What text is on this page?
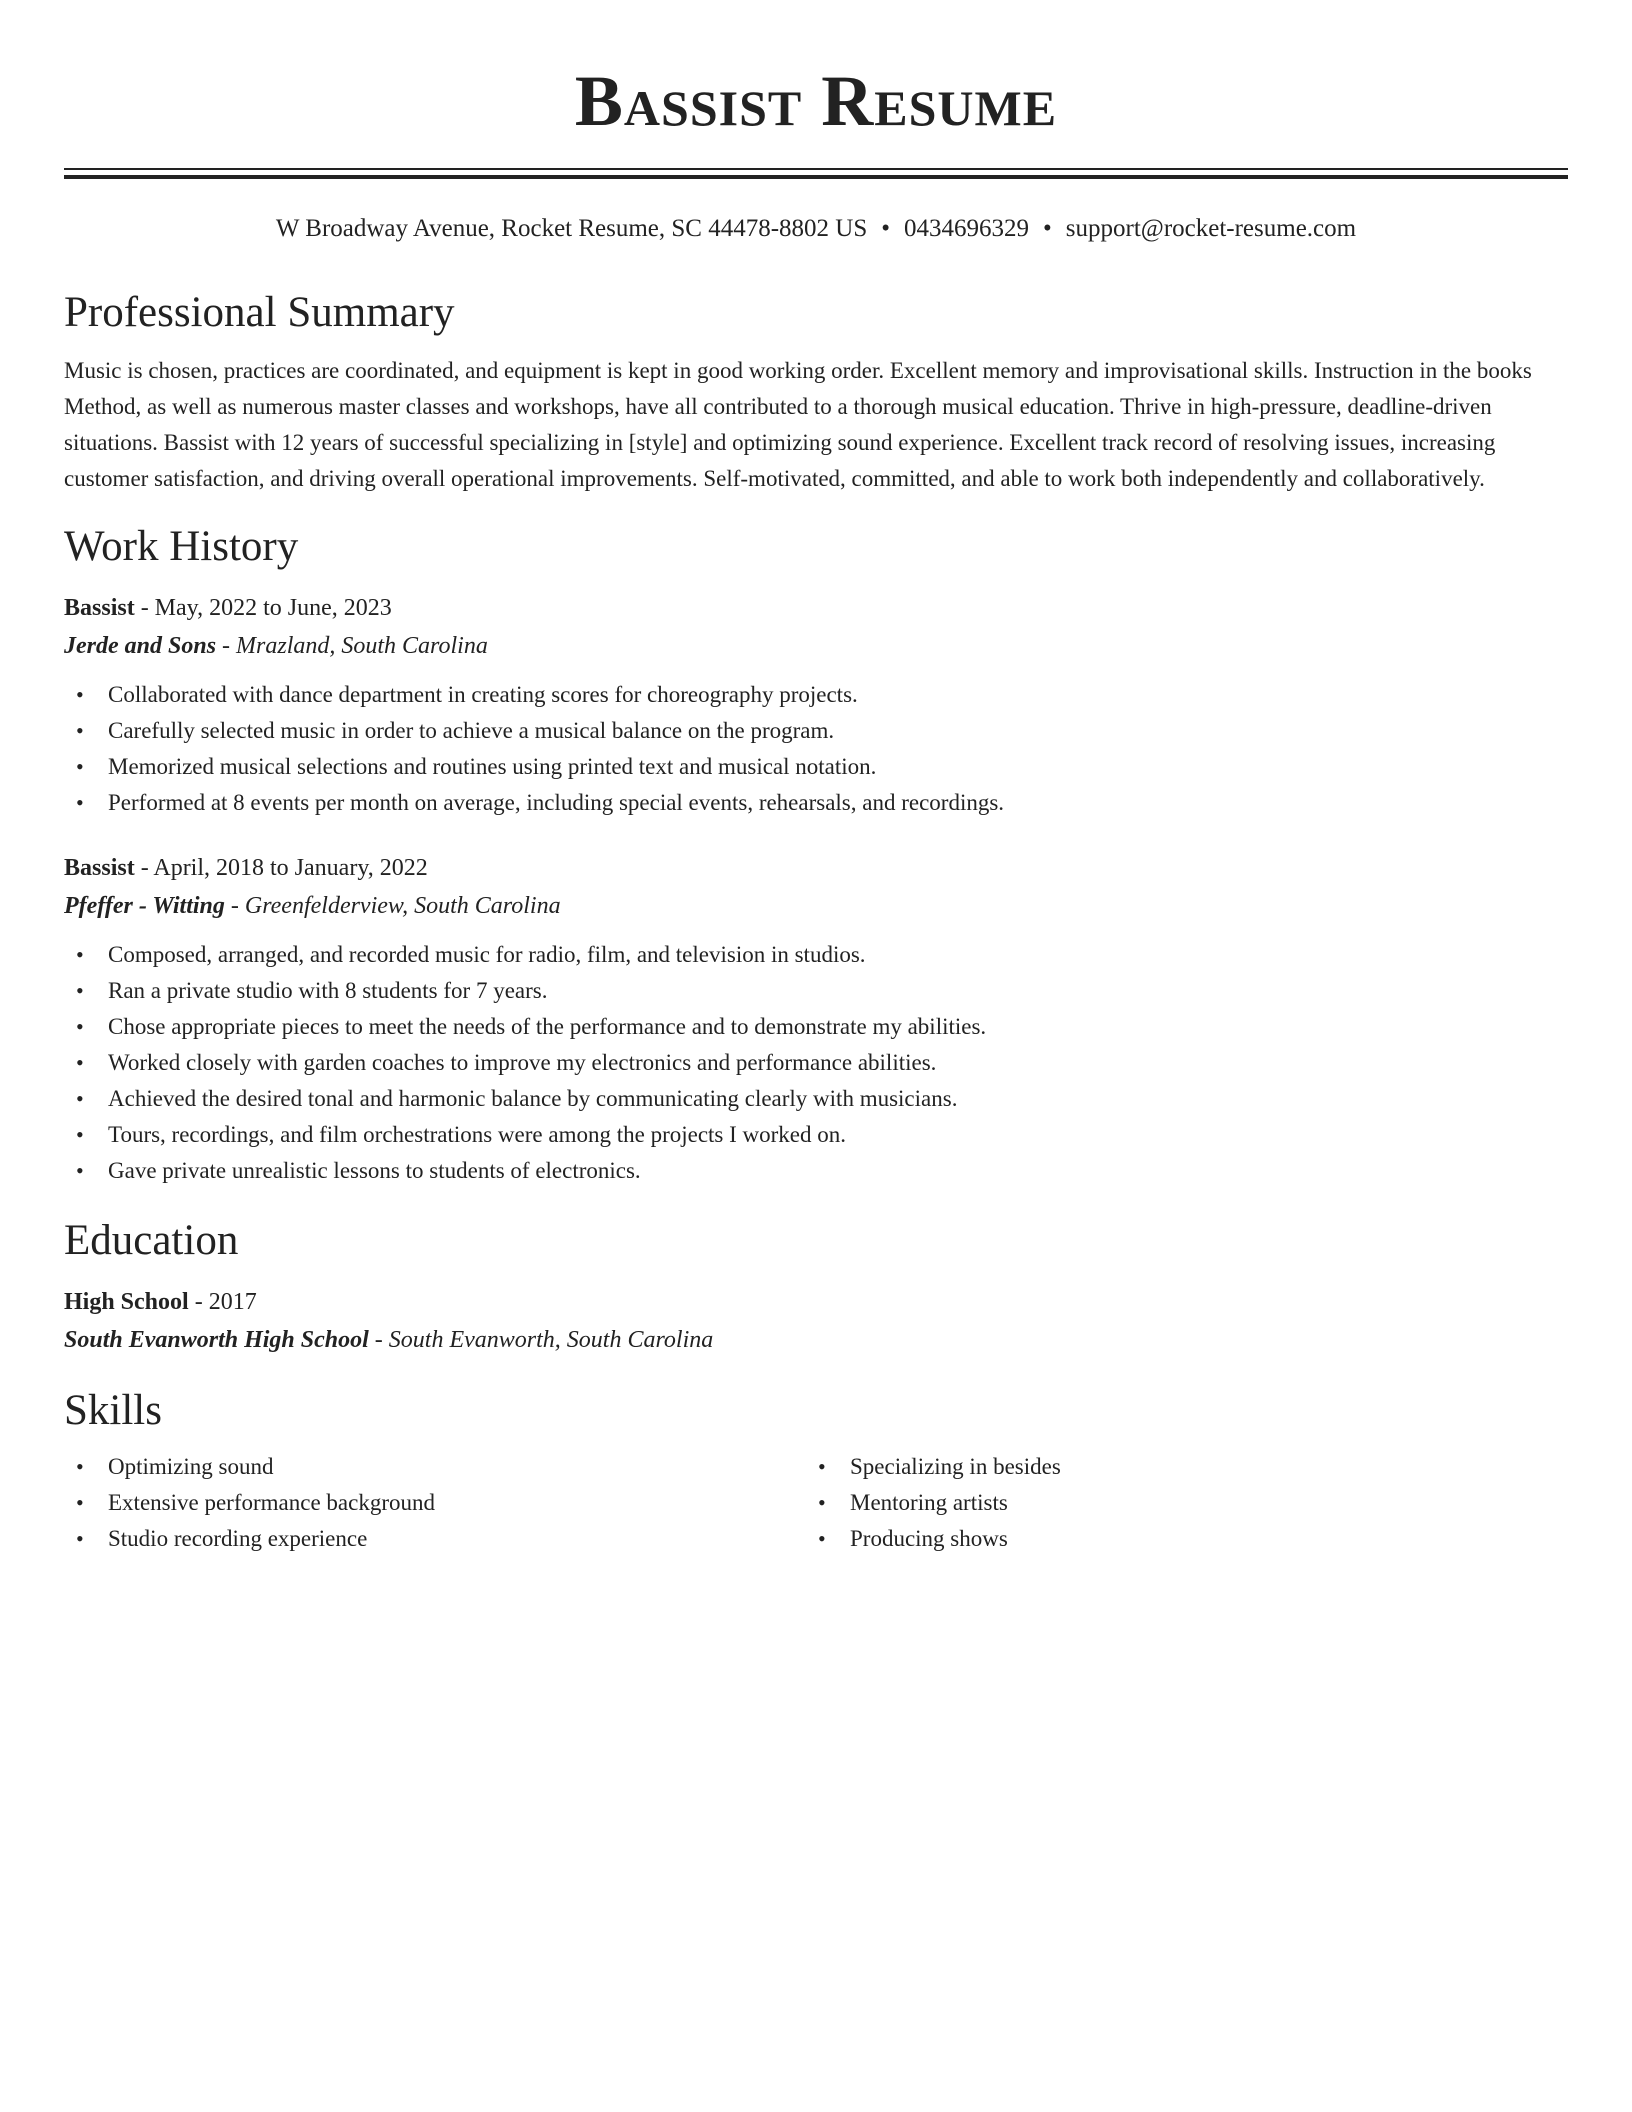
Bassist Resume
W Broadway Avenue, Rocket Resume, SC 44478-8802 US • 0434696329 • support@rocket-resume.com
Professional Summary

Music is chosen, practices are coordinated, and equipment is kept in good working order. Excellent memory and improvisational skills. Instruction in the books Method, as well as numerous master classes and workshops, have all contributed to a thorough musical education. Thrive in high-pressure, deadline-driven situations. Bassist with 12 years of successful specializing in [style] and optimizing sound experience. Excellent track record of resolving issues, increasing customer satisfaction, and driving overall operational improvements. Self-motivated, committed, and able to work both independently and collaboratively.

Work History
Bassist - May, 2022 to June, 2023
Jerde and Sons - Mrazland, South Carolina
• Collaborated with dance department in creating scores for choreography projects.
• Carefully selected music in order to achieve a musical balance on the program.
• Memorized musical selections and routines using printed text and musical notation.
• Performed at 8 events per month on average, including special events, rehearsals, and recordings.
Bassist - April, 2018 to January, 2022
Pfeffer - Witting - Greenfelderview, South Carolina
• Composed, arranged, and recorded music for radio, film, and television in studios.
• Ran a private studio with 8 students for 7 years.
• Chose appropriate pieces to meet the needs of the performance and to demonstrate my abilities.
• Worked closely with garden coaches to improve my electronics and performance abilities.
• Achieved the desired tonal and harmonic balance by communicating clearly with musicians.
• Tours, recordings, and film orchestrations were among the projects I worked on.
• Gave private unrealistic lessons to students of electronics.
Education
High School - 2017
South Evanworth High School - South Evanworth, South Carolina
Skills
• Optimizing sound
• Extensive performance background
• Studio recording experience
• Specializing in besides
• Mentoring artists
• Producing shows
